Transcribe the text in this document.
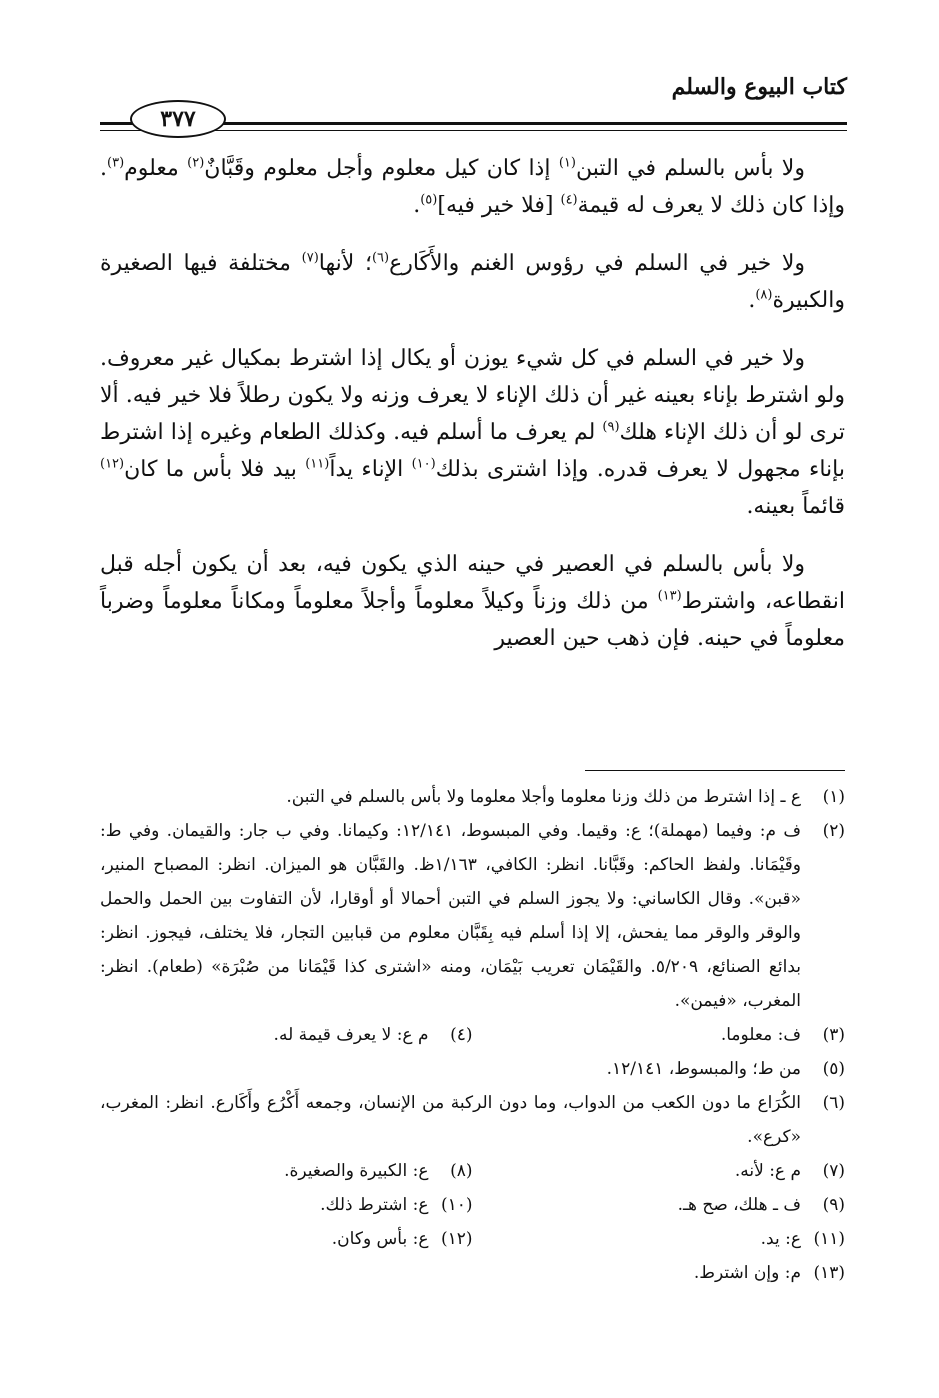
كتاب البيوع والسلم
٣٧٧

ولا بأس بالسلم في التبن$^{(١)}$ إذا كان كيل معلوم وأجل معلوم وقَبَّانٌ$^{(٢)}$ معلوم$^{(٣)}$. وإذا كان ذلك لا يعرف له قيمة$^{(٤)}$ [فلا خير فيه]$^{(٥)}$.

ولا خير في السلم في رؤوس الغنم والأَكَارع$^{(٦)}$؛ لأنها$^{(٧)}$ مختلفة فيها الصغيرة والكبيرة$^{(٨)}$.

ولا خير في السلم في كل شيء يوزن أو يكال إذا اشترط بمكيال غير معروف. ولو اشترط بإناء بعينه غير أن ذلك الإناء لا يعرف وزنه ولا يكون رطلاً فلا خير فيه. ألا ترى لو أن ذلك الإناء هلك$^{(٩)}$ لم يعرف ما أسلم فيه. وكذلك الطعام وغيره إذا اشترط بإناء مجهول لا يعرف قدره. وإذا اشترى بذلك$^{(١٠)}$ الإناء يداً$^{(١١)}$ بيد فلا بأس ما كان$^{(١٢)}$ قائماً بعينه.

ولا بأس بالسلم في العصير في حينه الذي يكون فيه، بعد أن يكون أجله قبل انقطاعه، واشترط$^{(١٣)}$ من ذلك وزناً وكيلاً معلوماً وأجلاً معلوماً ومكاناً معلوماً وضرباً معلوماً في حينه. فإن ذهب حين العصير

(١)
ع ـ إذا اشترط من ذلك وزنا معلوما وأجلا معلوما ولا بأس بالسلم في التبن.
(٢)
ف م: وفيما (مهملة)؛ ع: وقيما. وفي المبسوط، ١٢/١٤١: وكيمانا. وفي ب جار: والقيمان. وفي ط: وقَيْمَانا. ولفظ الحاكم: وقَبَّانا. انظر: الكافي، ١/١٦٣ظ. والقَبَّان هو الميزان. انظر: المصباح المنير، «قبن». وقال الكاساني: ولا يجوز السلم في التبن أحمالا أو أوقارا، لأن التفاوت بين الحمل والحمل والوقر والوقر مما يفحش، إلا إذا أسلم فيه بِقَبَّان معلوم من قبابين التجار، فلا يختلف، فيجوز. انظر: بدائع الصنائع، ٥/٢٠٩. والقَيْمَان تعريب بَيْمَان، ومنه «اشترى كذا قَيْمَانا من صُبْرَة» (طعام). انظر: المغرب، «فيمن».
(٣)
ف: معلوما.
(٤)
م ع: لا يعرف قيمة له.
(٥)
من ط؛ والمبسوط، ١٢/١٤١.
(٦)
الكُرَاع ما دون الكعب من الدواب، وما دون الركبة من الإنسان، وجمعه أَكْرُع وأَكَارع. انظر: المغرب، «كرع».
(٧)
م ع: لأنه.
(٨)
ع: الكبيرة والصغيرة.
(٩)
ف ـ هلك، صح هـ.
(١٠)
ع: اشترط ذلك.
(١١)
ع: يد.
(١٢)
ع: بأس وكان.
(١٣)
م: وإن اشترط.
